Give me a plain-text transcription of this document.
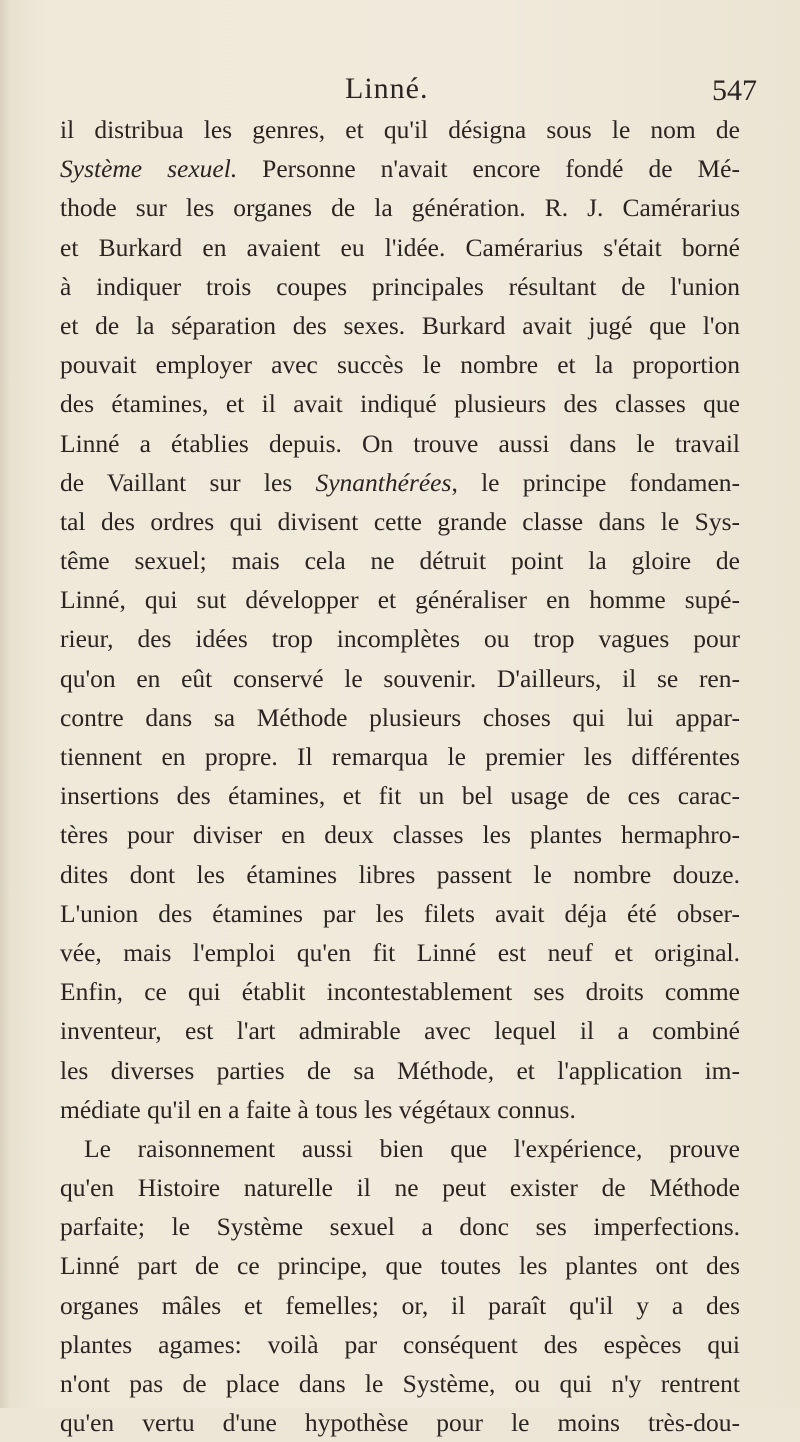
Linné.	547
il distribua les genres, et qu'il désigna sous le nom de
Système sexuel. Personne n'avait encore fondé de Mé-
thode sur les organes de la génération. R. J. Camérarius
et Burkard en avaient eu l'idée. Camérarius s'était borné
à indiquer trois coupes principales résultant de l'union
et de la séparation des sexes. Burkard avait jugé que l'on
pouvait employer avec succès le nombre et la proportion
des étamines, et il avait indiqué plusieurs des classes que
Linné a établies depuis. On trouve aussi dans le travail
de Vaillant sur les Synanthérées, le principe fondamen-
tal des ordres qui divisent cette grande classe dans le Sys-
tême sexuel; mais cela ne détruit point la gloire de
Linné, qui sut développer et généraliser en homme supé-
rieur, des idées trop incomplètes ou trop vagues pour
qu'on en eût conservé le souvenir. D'ailleurs, il se ren-
contre dans sa Méthode plusieurs choses qui lui appar-
tiennent en propre. Il remarqua le premier les différentes
insertions des étamines, et fit un bel usage de ces carac-
tères pour diviser en deux classes les plantes hermaphro-
dites dont les étamines libres passent le nombre douze.
L'union des étamines par les filets avait déja été obser-
vée, mais l'emploi qu'en fit Linné est neuf et original.
Enfin, ce qui établit incontestablement ses droits comme
inventeur, est l'art admirable avec lequel il a combiné
les diverses parties de sa Méthode, et l'application im-
médiate qu'il en a faite à tous les végétaux connus.
Le raisonnement aussi bien que l'expérience, prouve
qu'en Histoire naturelle il ne peut exister de Méthode
parfaite; le Système sexuel a donc ses imperfections.
Linné part de ce principe, que toutes les plantes ont des
organes mâles et femelles; or, il paraît qu'il y a des
plantes agames: voilà par conséquent des espèces qui
n'ont pas de place dans le Système, ou qui n'y rentrent
qu'en vertu d'une hypothèse pour le moins très-dou-
